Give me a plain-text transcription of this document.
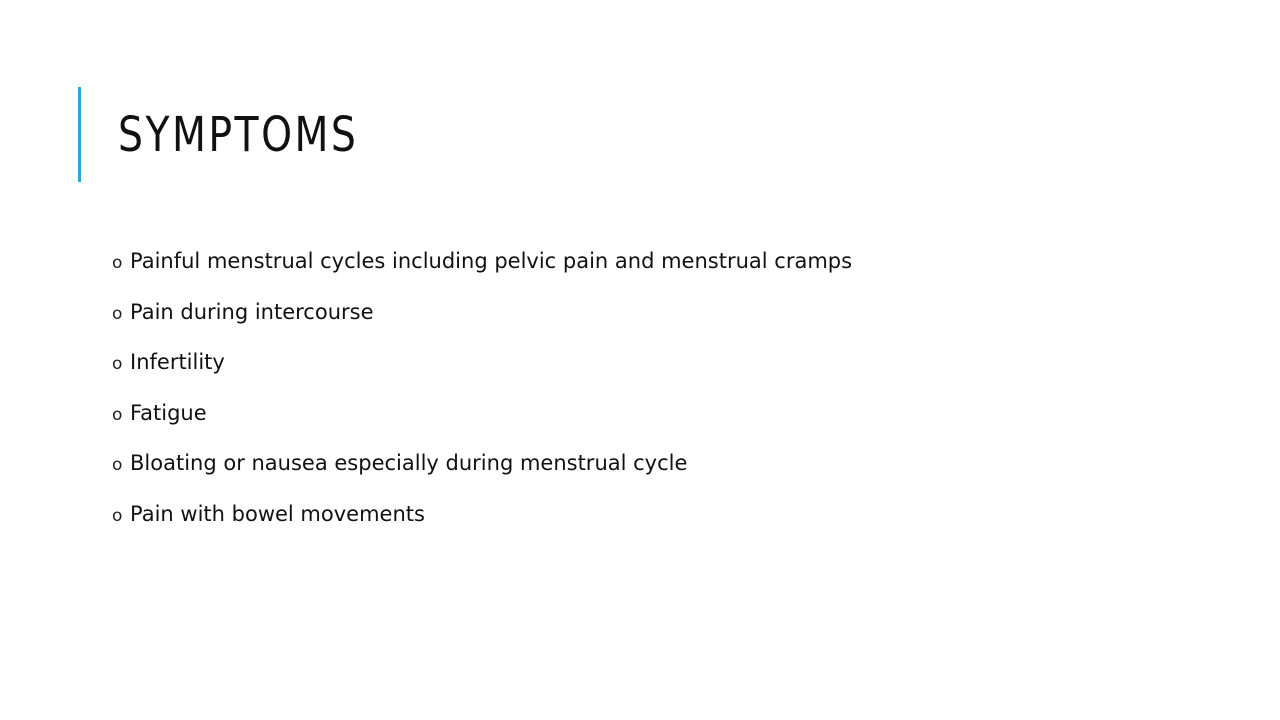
SYMPTOMS
o Painful menstrual cycles including pelvic pain and menstrual cramps
o Pain during intercourse
o Infertility
o Fatigue
o Bloating or nausea especially during menstrual cycle
o Pain with bowel movements
